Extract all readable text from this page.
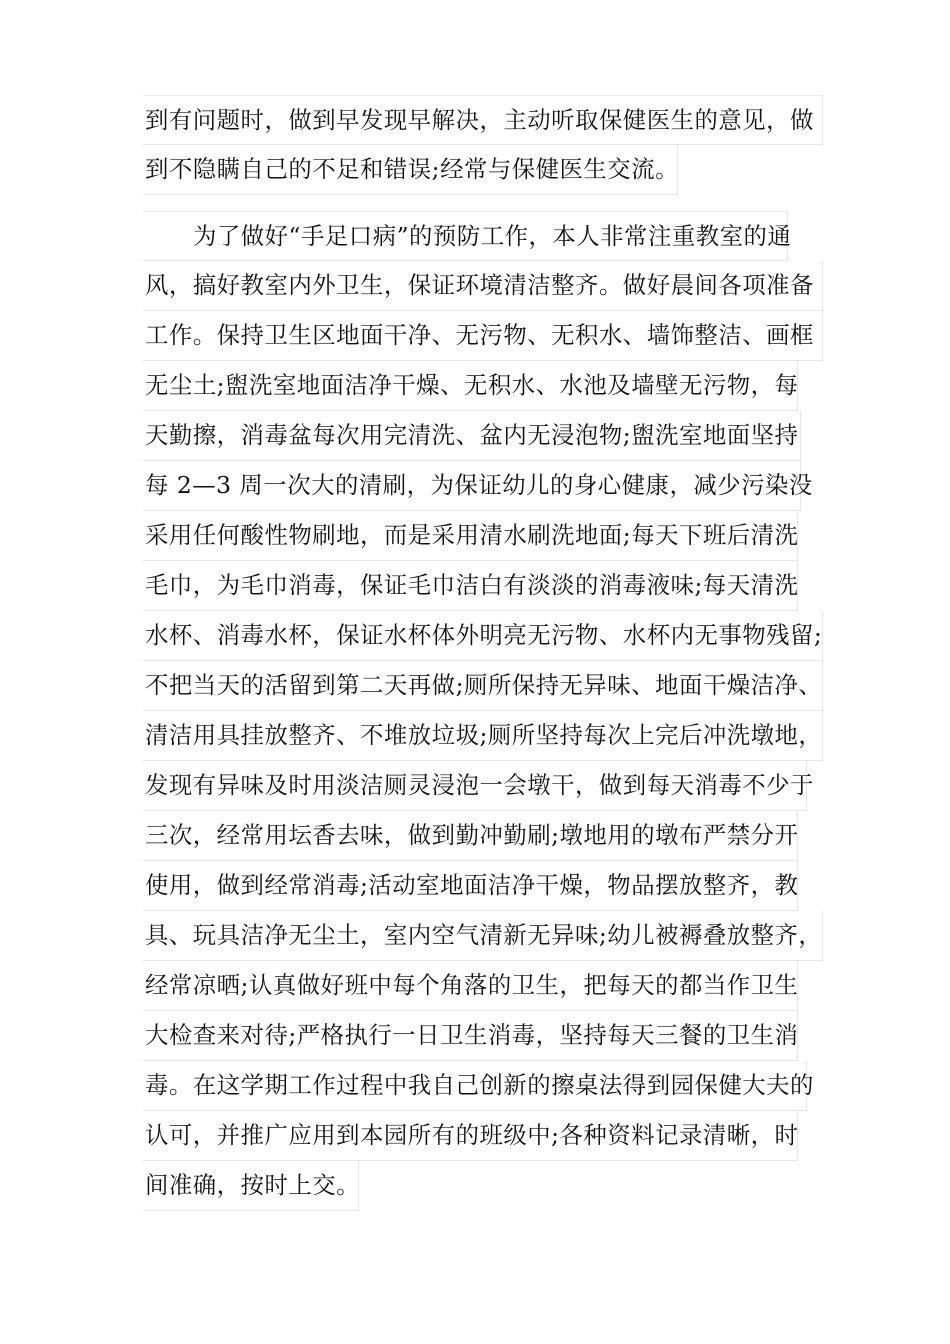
到有问题时，做到早发现早解决，主动听取保健医生的意见，做
到不隐瞒自己的不足和错误;经常与保健医生交流。
为了做好“手足口病”的预防工作，本人非常注重教室的通
风，搞好教室内外卫生，保证环境清洁整齐。做好晨间各项准备
工作。保持卫生区地面干净、无污物、无积水、墙饰整洁、画框
无尘土;盥洗室地面洁净干燥、无积水、水池及墙壁无污物，每
天勤擦，消毒盆每次用完清洗、盆内无浸泡物;盥洗室地面坚持
每 2—3 周一次大的清刷，为保证幼儿的身心健康，减少污染没
采用任何酸性物刷地，而是采用清水刷洗地面;每天下班后清洗
毛巾，为毛巾消毒，保证毛巾洁白有淡淡的消毒液味;每天清洗
水杯、消毒水杯，保证水杯体外明亮无污物、水杯内无事物残留;
不把当天的活留到第二天再做;厕所保持无异味、地面干燥洁净、
清洁用具挂放整齐、不堆放垃圾;厕所坚持每次上完后冲洗墩地，
发现有异味及时用淡洁厕灵浸泡一会墩干，做到每天消毒不少于
三次，经常用坛香去味，做到勤冲勤刷;墩地用的墩布严禁分开
使用，做到经常消毒;活动室地面洁净干燥，物品摆放整齐，教
具、玩具洁净无尘土，室内空气清新无异味;幼儿被褥叠放整齐，
经常凉晒;认真做好班中每个角落的卫生，把每天的都当作卫生
大检查来对待;严格执行一日卫生消毒，坚持每天三餐的卫生消
毒。在这学期工作过程中我自己创新的擦桌法得到园保健大夫的
认可，并推广应用到本园所有的班级中;各种资料记录清晰，时
间准确，按时上交。
